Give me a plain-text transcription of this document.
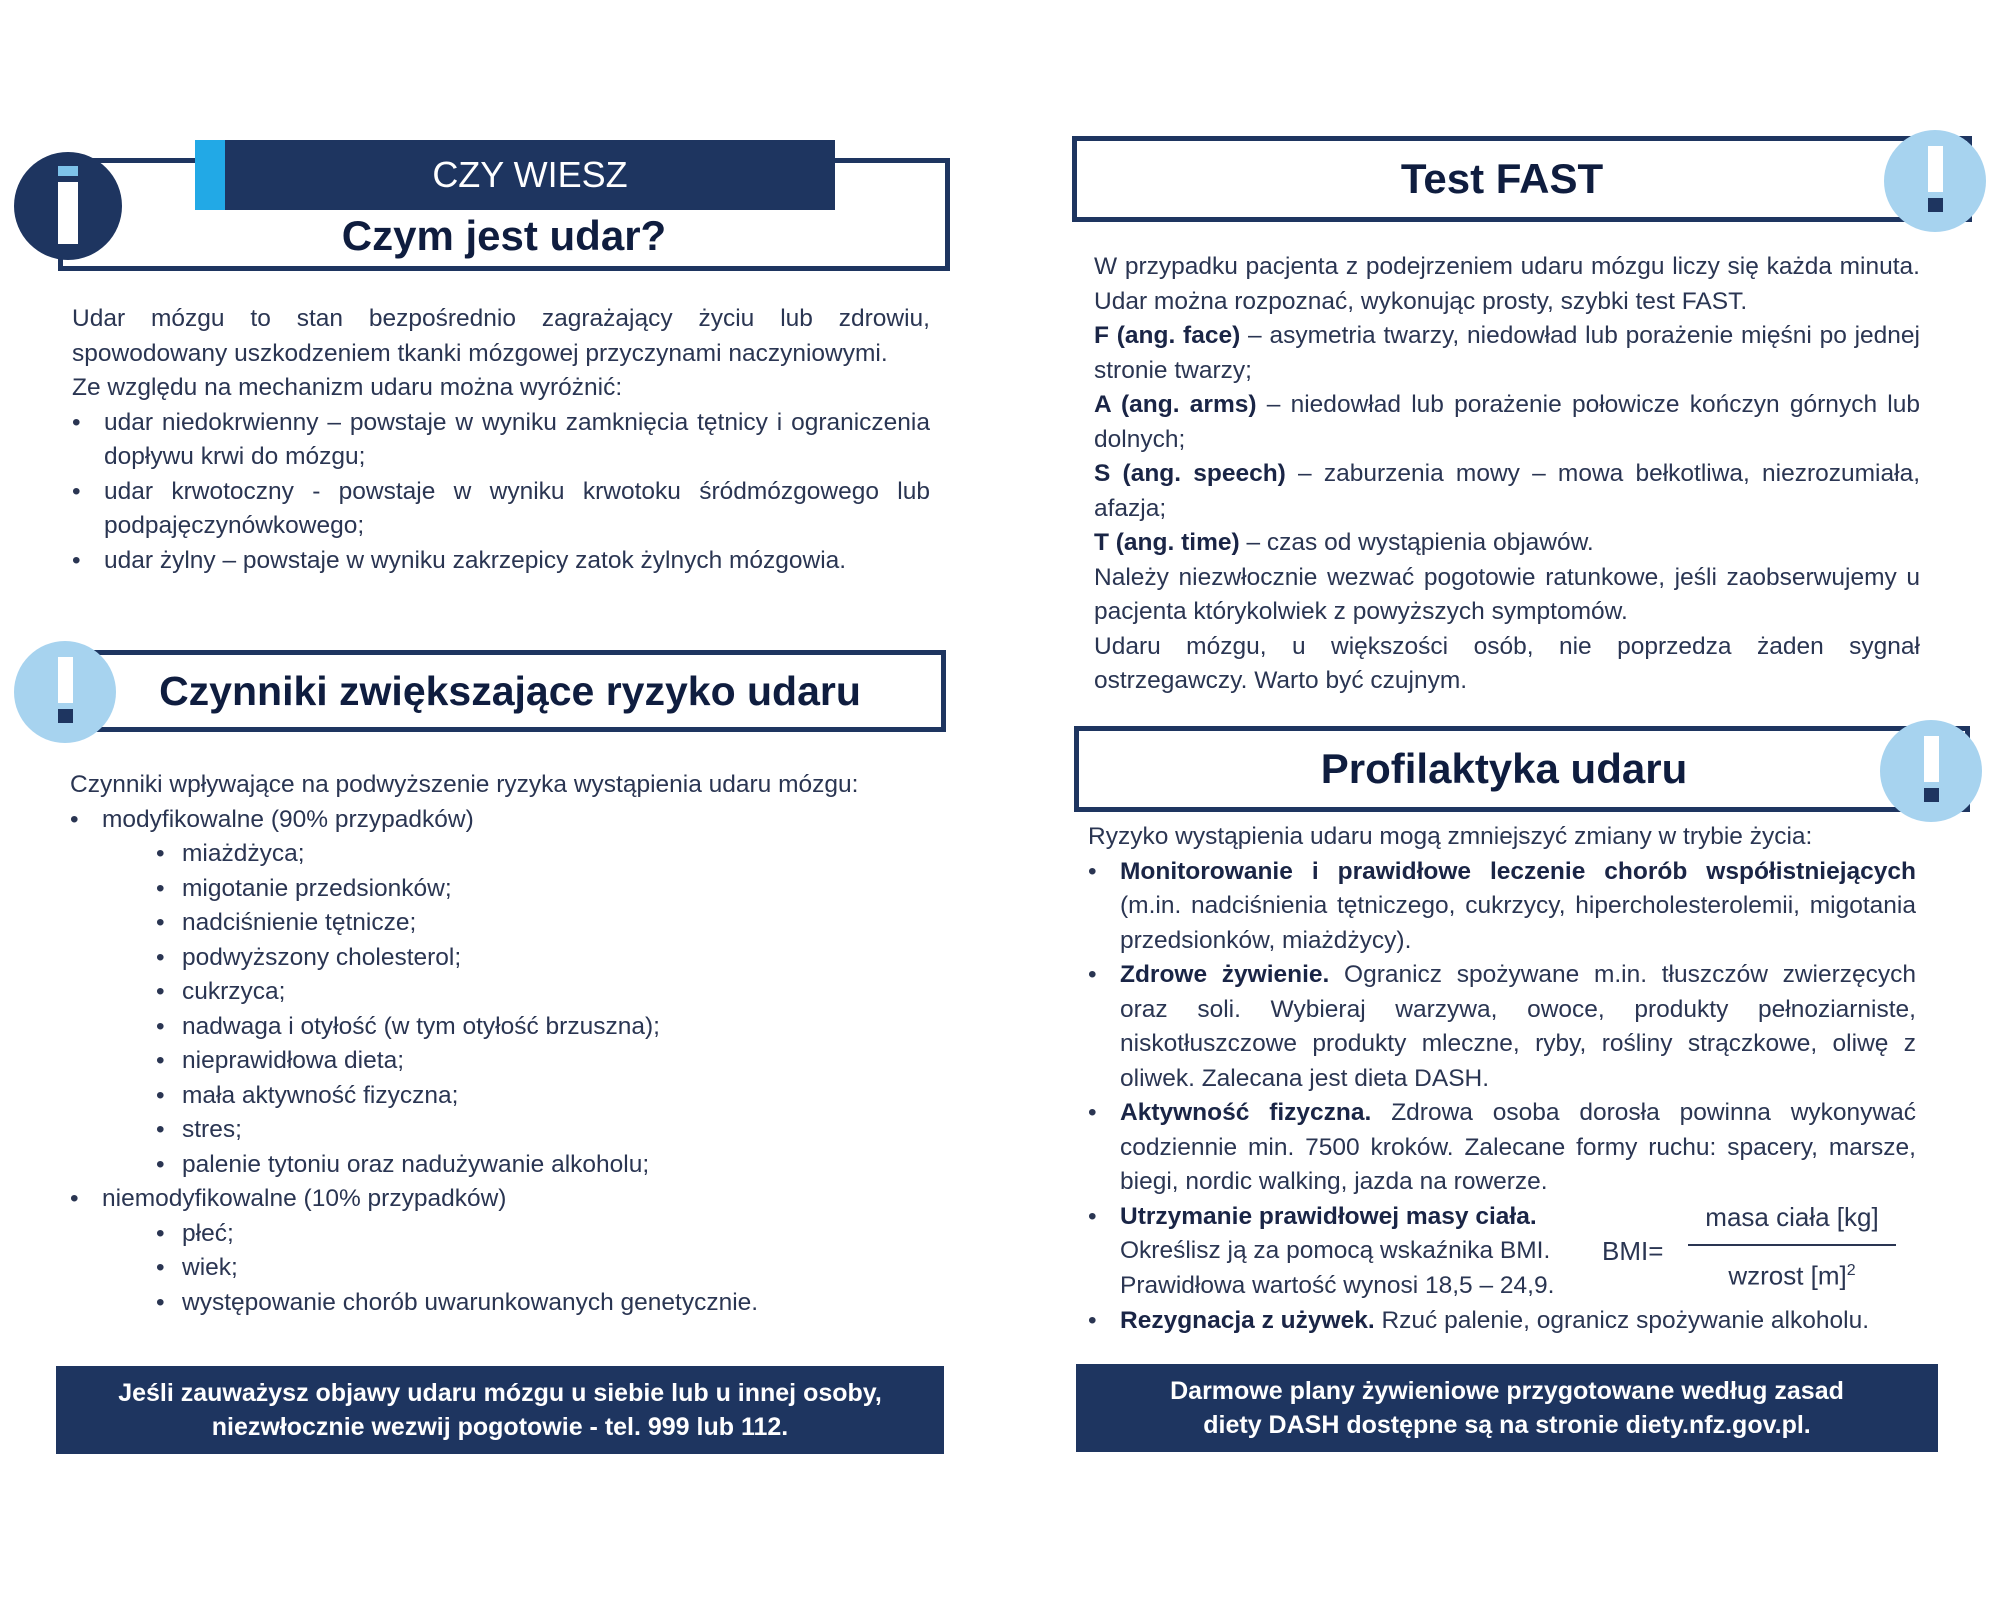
CZY WIESZ
Czym jest udar?
Udar mózgu to stan bezpośrednio zagrażający życiu lub zdrowiu, spowodowany uszkodzeniem tkanki mózgowej przyczynami naczyniowymi.
Ze względu na mechanizm udaru można wyróżnić:
• udar niedokrwienny – powstaje w wyniku zamknięcia tętnicy i ograniczenia dopływu krwi do mózgu;
• udar krwotoczny - powstaje w wyniku krwotoku śródmózgowego lub podpajęczynówkowego;
• udar żylny – powstaje w wyniku zakrzepicy zatok żylnych mózgowia.
Czynniki zwiększające ryzyko udaru
Czynniki wpływające na podwyższenie ryzyka wystąpienia udaru mózgu:
• modyfikowalne (90% przypadków)
• miażdżyca;
• migotanie przedsionków;
• nadciśnienie tętnicze;
• podwyższony cholesterol;
• cukrzyca;
• nadwaga i otyłość (w tym otyłość brzuszna);
• nieprawidłowa dieta;
• mała aktywność fizyczna;
• stres;
• palenie tytoniu oraz nadużywanie alkoholu;
• niemodyfikowalne (10% przypadków)
• płeć;
• wiek;
• występowanie chorób uwarunkowanych genetycznie.
Jeśli zauważysz objawy udaru mózgu u siebie lub u innej osoby,
niezwłocznie wezwij pogotowie - tel. 999 lub 112.
Test FAST
W przypadku pacjenta z podejrzeniem udaru mózgu liczy się każda minuta. Udar można rozpoznać, wykonując prosty, szybki test FAST.
F (ang. face) – asymetria twarzy, niedowład lub porażenie mięśni po jednej stronie twarzy;
A (ang. arms) – niedowład lub porażenie połowicze kończyn górnych lub dolnych;
S (ang. speech) – zaburzenia mowy – mowa bełkotliwa, niezrozumiała, afazja;
T (ang. time) – czas od wystąpienia objawów.
Należy niezwłocznie wezwać pogotowie ratunkowe, jeśli zaobserwujemy u pacjenta którykolwiek z powyższych symptomów.
Udaru mózgu, u większości osób, nie poprzedza żaden sygnał ostrzegawczy. Warto być czujnym.
Profilaktyka udaru
Ryzyko wystąpienia udaru mogą zmniejszyć zmiany w trybie życia:
• Monitorowanie i prawidłowe leczenie chorób współistniejących (m.in. nadciśnienia tętniczego, cukrzycy, hipercholesterolemii, migotania przedsionków, miażdżycy).
• Zdrowe żywienie. Ogranicz spożywane m.in. tłuszczów zwierzęcych oraz soli. Wybieraj warzywa, owoce, produkty pełnoziarniste, niskotłuszczowe produkty mleczne, ryby, rośliny strączkowe, oliwę z oliwek. Zalecana jest dieta DASH.
• Aktywność fizyczna. Zdrowa osoba dorosła powinna wykonywać codziennie min. 7500 kroków. Zalecane formy ruchu: spacery, marsze, biegi, nordic walking, jazda na rowerze.
• Utrzymanie prawidłowej masy ciała.
Określisz ją za pomocą wskaźnika BMI.
Prawidłowa wartość wynosi 18,5 – 24,9.
BMI=
masa ciała [kg]
wzrost $[m]^2$
• Rezygnacja z używek. Rzuć palenie, ogranicz spożywanie alkoholu.
Darmowe plany żywieniowe przygotowane według zasad
diety DASH dostępne są na stronie diety.nfz.gov.pl.
